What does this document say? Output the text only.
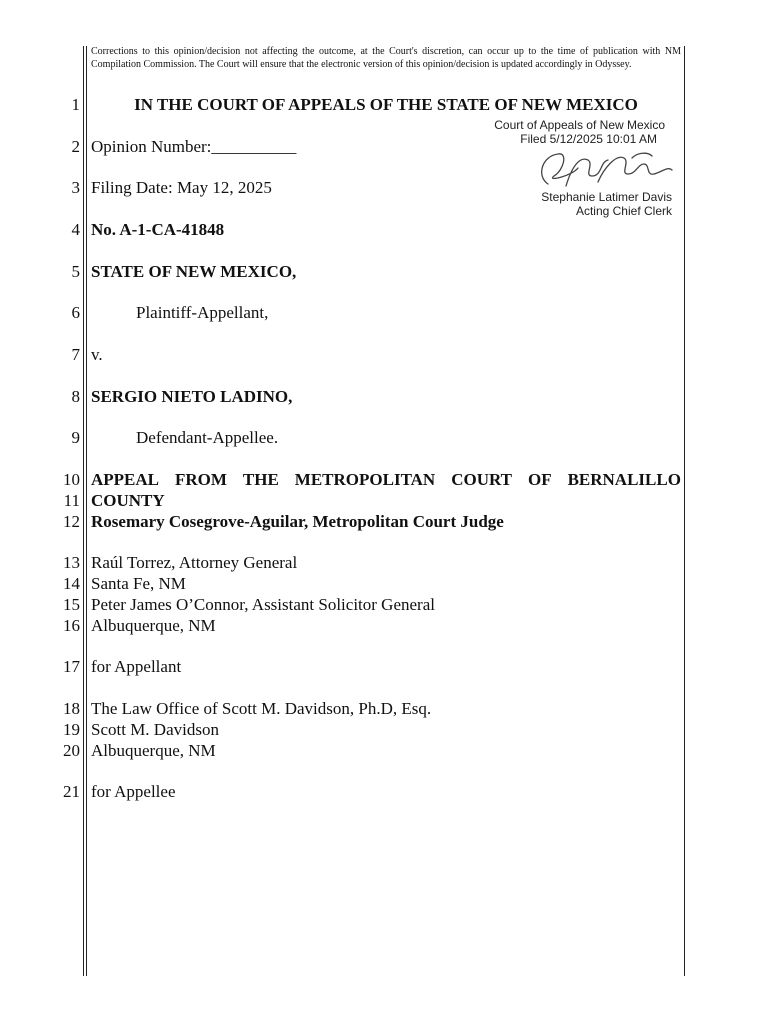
Corrections to this opinion/decision not affecting the outcome, at the Court's discretion, can occur up to the time of publication with NM Compilation Commission. The Court will ensure that the electronic version of this opinion/decision is updated accordingly in Odyssey.
1
2
3
4
5
6
7
8
9
10
11
12
13
14
15
16
17
18
19
20
21
IN THE COURT OF APPEALS OF THE STATE OF NEW MEXICO
Court of Appeals of New Mexico
Filed 5/12/2025 10:01 AM
Stephanie Latimer Davis
Acting Chief Clerk
Opinion Number:__________
Filing Date: May 12, 2025
No. A-1-CA-41848
STATE OF NEW MEXICO,
Plaintiff-Appellant,
v.
SERGIO NIETO LADINO,
Defendant-Appellee.
APPEAL FROM THE METROPOLITAN COURT OF BERNALILLO
COUNTY
Rosemary Cosegrove-Aguilar, Metropolitan Court Judge
Raúl Torrez, Attorney General
Santa Fe, NM
Peter James O’Connor, Assistant Solicitor General
Albuquerque, NM
for Appellant
The Law Office of Scott M. Davidson, Ph.D, Esq.
Scott M. Davidson
Albuquerque, NM
for Appellee
